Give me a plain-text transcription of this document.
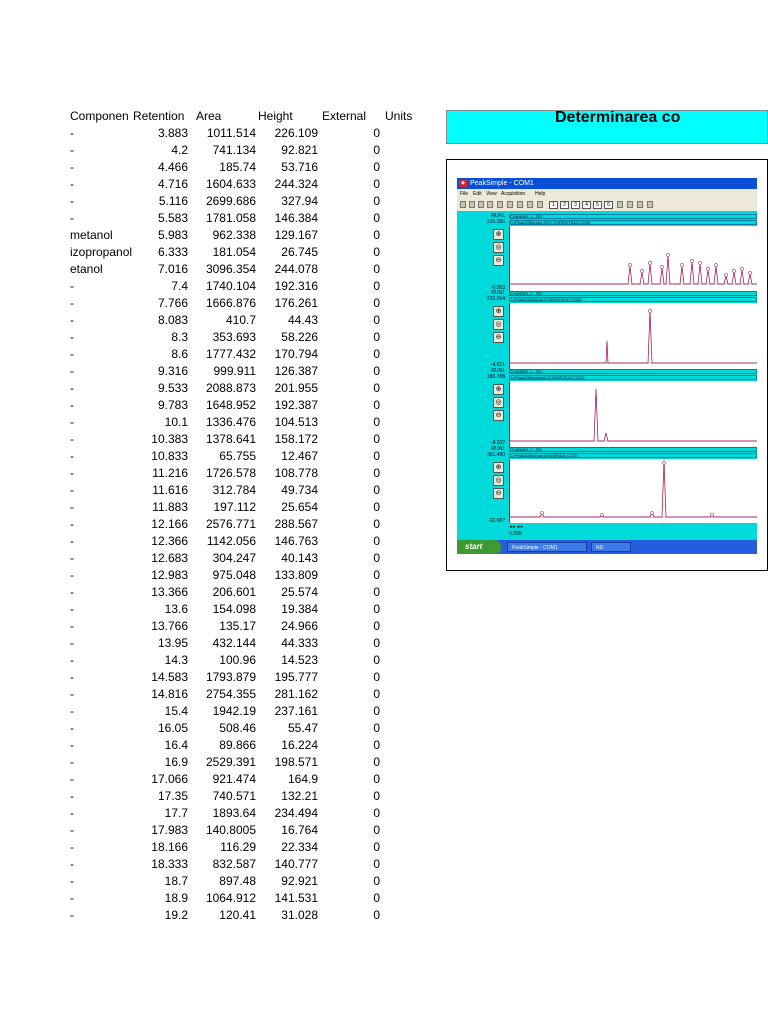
Componen Retention Area	Height External Units
-	3.883	1011.514	226.109	0
-	4.2	741.134	92.821	0
-	4.466	185.74	53.716	0
-	4.716	1604.633	244.324	0
-	5.116	2699.686	327.94	0
-	5.583	1781.058	146.384	0
metanol	5.983	962.338	129.167	0
izopropanol	6.333	181.054	26.745	0
etanol	7.016	3096.354	244.078	0
-	7.4	1740.104	192.316	0
-	7.766	1666.876	176.261	0
-	8.083	410.7	44.43	0
-	8.3	353.693	58.226	0
-	8.6	1777.432	170.794	0
-	9.316	999.911	126.387	0
-	9.533	2088.873	201.955	0
-	9.783	1648.952	192.387	0
-	10.1	1336.476	104.513	0
-	10.383	1378.641	158.172	0
-	10.833	65.755	12.467	0
-	11.216	1726.578	108.778	0
-	11.616	312.784	49.734	0
-	11.883	197.112	25.654	0
-	12.166	2576.771	288.567	0
-	12.366	1142.056	146.763	0
-	12.683	304.247	40.143	0
-	12.983	975.048	133.809	0
-	13.366	206.601	25.574	0
-	13.6	154.098	19.384	0
-	13.766	135.17	24.966	0
-	13.95	432.144	44.333	0
-	14.3	100.96	14.523	0
-	14.583	1793.879	195.777	0
-	14.816	2754.355	281.162	0
-	15.4	1942.19	237.161	0
-	16.05	508.46	55.47	0
-	16.4	89.866	16.224	0
-	16.9	2529.391	198.571	0
-	17.066	921.474	164.9	0
-	17.35	740.571	132.21	0
-	17.7	1893.64	234.494	0
-	17.983	140.8005	16.764	0
-	18.166	116.29	22.334	0
-	18.333	832.587	140.777	0
-	18.7	897.48	92.921	0
-	18.9	1064.912	141.531	0
-	19.2	120.41	31.028	0
Determinarea co
◆ PeakSimple - COM1
File Edit View Acquisition Help
1	2	3	4	5	6
RUN1
220.396
CHANNEL 1 - FID
C:\Peak328\proba 2017.CHR\DEFAULT.CON
⊕
◎
⊖
-6.283
RUN1
232.564
CHANNEL 1 - FID
C:\Peak328\etanol.CHR\DEFAULT.CON
⊕
◎
⊖
-4.631
RUN1
180.788
CHANNEL 1 - FID
C:\Peak328\metanol.CHR\DEFAULT.CON
⊕
◎
⊖
-4.332
RUN1
361.490
CHANNEL 1 - FID
C:\Peak328\hexan.chr\DEFAULT.CON
⊕
◎
⊖
-32.667
◂ ▸ ◂ ▸
0.000
start	PeakSimple - COM1	NS
